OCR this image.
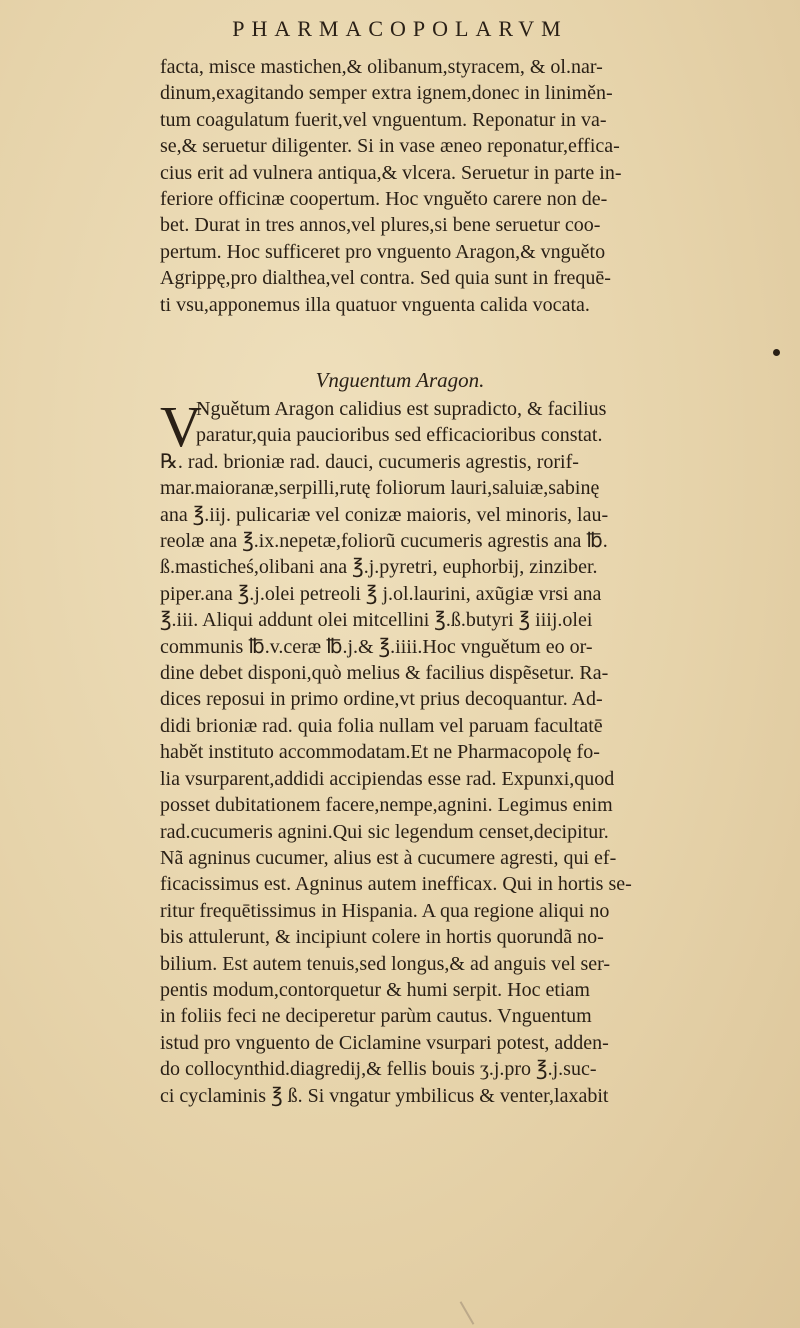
PHARMACOPOLARVM
facta, misce mastichen,& olibanum,styracem, & ol.nar-
dinum,exagitando semper extra ignem,donec in liniměn-
tum coagulatum fuerit,vel vnguentum. Reponatur in va-
se,& seruetur diligenter. Si in vase æneo reponatur,effica-
cius erit ad vulnera antiqua,& vlcera. Seruetur in parte in-
feriore officinæ coopertum. Hoc vnguěto carere non de-
bet. Durat in tres annos,vel plures,si bene seruetur coo-
pertum. Hoc sufficeret pro vnguento Aragon,& vnguěto
Agrippę,pro dialthea,vel contra. Sed quia sunt in frequē-
ti vsu,apponemus illa quatuor vnguenta calida vocata.
Vnguentum Aragon.
V
Nguětum Aragon calidius est supradicto, & facilius
paratur,quia paucioribus sed efficacioribus constat.
℞. rad. brioniæ rad. dauci, cucumeris agrestis, rorif-
mar.maioranæ,serpilli,rutę foliorum lauri,saluiæ,sabinę
ana ℥.iij. pulicariæ vel conizæ maioris, vel minoris, lau-
reolæ ana ℥.ix.nepetæ,foliorũ cucumeris agrestis ana ℔.
ß.masticheś,olibani ana ℥.j.pyretri, euphorbij, zinziber.
piper.ana ℥.j.olei petreoli ℥ j.ol.laurini, axũgiæ vrsi ana
℥.iii. Aliqui addunt olei mitcellini ℥.ß.butyri ℥ iiij.olei
communis ℔.v.ceræ ℔.j.& ℥.iiii.Hoc vnguětum eo or-
dine debet disponi,quò melius & facilius dispẽsetur. Ra-
dices reposui in primo ordine,vt prius decoquantur. Ad-
didi brioniæ rad. quia folia nullam vel paruam facultatē
habět instituto accommodatam.Et ne Pharmacopolę fo-
lia vsurparent,addidi accipiendas esse rad. Expunxi,quod
posset dubitationem facere,nempe,agnini. Legimus enim
rad.cucumeris agnini.Qui sic legendum censet,decipitur.
Nã agninus cucumer, alius est à cucumere agresti, qui ef-
ficacissimus est. Agninus autem inefficax. Qui in hortis se-
ritur frequētissimus in Hispania. A qua regione aliqui no
bis attulerunt, & incipiunt colere in hortis quorundã no-
bilium. Est autem tenuis,sed longus,& ad anguis vel ser-
pentis modum,contorquetur & humi serpit. Hoc etiam
in foliis feci ne deciperetur parùm cautus. Vnguentum
istud pro vnguento de Ciclamine vsurpari potest, adden-
do collocynthid.diagredij,& fellis bouis ʒ.j.pro ℥.j.suc-
ci cyclaminis ℥ ß. Si vngatur ymbilicus & venter,laxabit
